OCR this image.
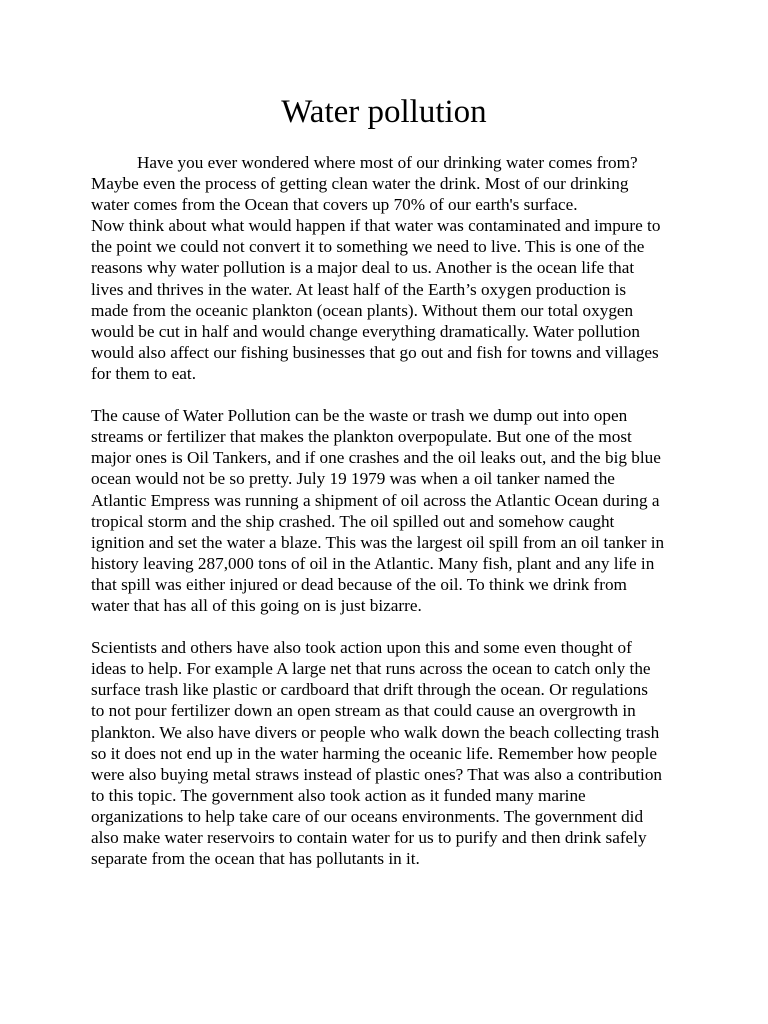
Water pollution
Have you ever wondered where most of our drinking water comes from?
Maybe even the process of getting clean water the drink. Most of our drinking
water comes from the Ocean that covers up 70% of our earth's surface.
Now think about what would happen if that water was contaminated and impure to
the point we could not convert it to something we need to live. This is one of the
reasons why water pollution is a major deal to us. Another is the ocean life that
lives and thrives in the water. At least half of the Earth’s oxygen production is
made from the oceanic plankton (ocean plants). Without them our total oxygen
would be cut in half and would change everything dramatically. Water pollution
would also affect our fishing businesses that go out and fish for towns and villages
for them to eat.
The cause of Water Pollution can be the waste or trash we dump out into open
streams or fertilizer that makes the plankton overpopulate. But one of the most
major ones is Oil Tankers, and if one crashes and the oil leaks out, and the big blue
ocean would not be so pretty. July 19 1979 was when a oil tanker named the
Atlantic Empress was running a shipment of oil across the Atlantic Ocean during a
tropical storm and the ship crashed. The oil spilled out and somehow caught
ignition and set the water a blaze. This was the largest oil spill from an oil tanker in
history leaving 287,000 tons of oil in the Atlantic. Many fish, plant and any life in
that spill was either injured or dead because of the oil. To think we drink from
water that has all of this going on is just bizarre.
Scientists and others have also took action upon this and some even thought of
ideas to help. For example A large net that runs across the ocean to catch only the
surface trash like plastic or cardboard that drift through the ocean. Or regulations
to not pour fertilizer down an open stream as that could cause an overgrowth in
plankton. We also have divers or people who walk down the beach collecting trash
so it does not end up in the water harming the oceanic life. Remember how people
were also buying metal straws instead of plastic ones? That was also a contribution
to this topic. The government also took action as it funded many marine
organizations to help take care of our oceans environments. The government did
also make water reservoirs to contain water for us to purify and then drink safely
separate from the ocean that has pollutants in it.
